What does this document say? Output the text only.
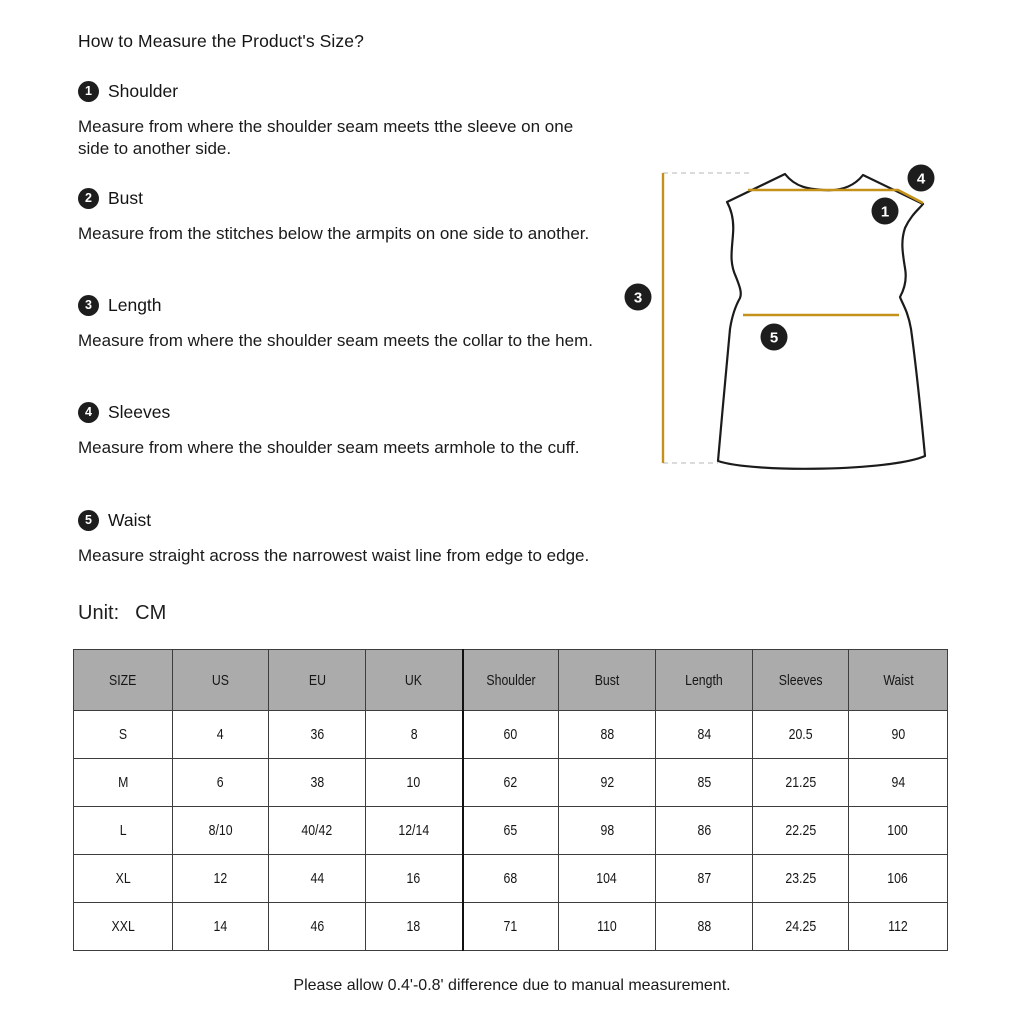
How to Measure the Product's Size?
1 Shoulder
Measure from where the shoulder seam meets tthe sleeve on one side to another side.
2 Bust
Measure from the stitches below the armpits on one side to another.
3 Length
Measure from where the shoulder seam meets the collar to the hem.
4 Sleeves
Measure from where the shoulder seam meets armhole to the cuff.
5 Waist
Measure straight across the narrowest waist line from edge to edge.
3
1
4
5
Unit: CM
SIZE	US	EU	UK	Shoulder	Bust	Length	Sleeves	Waist
S	4	36	8	60	88	84	20.5	90
M	6	38	10	62	92	85	21.25	94
L	8/10	40/42	12/14	65	98	86	22.25	100
XL	12	44	16	68	104	87	23.25	106
XXL	14	46	18	71	110	88	24.25	112
Please allow 0.4'-0.8' difference due to manual measurement.
